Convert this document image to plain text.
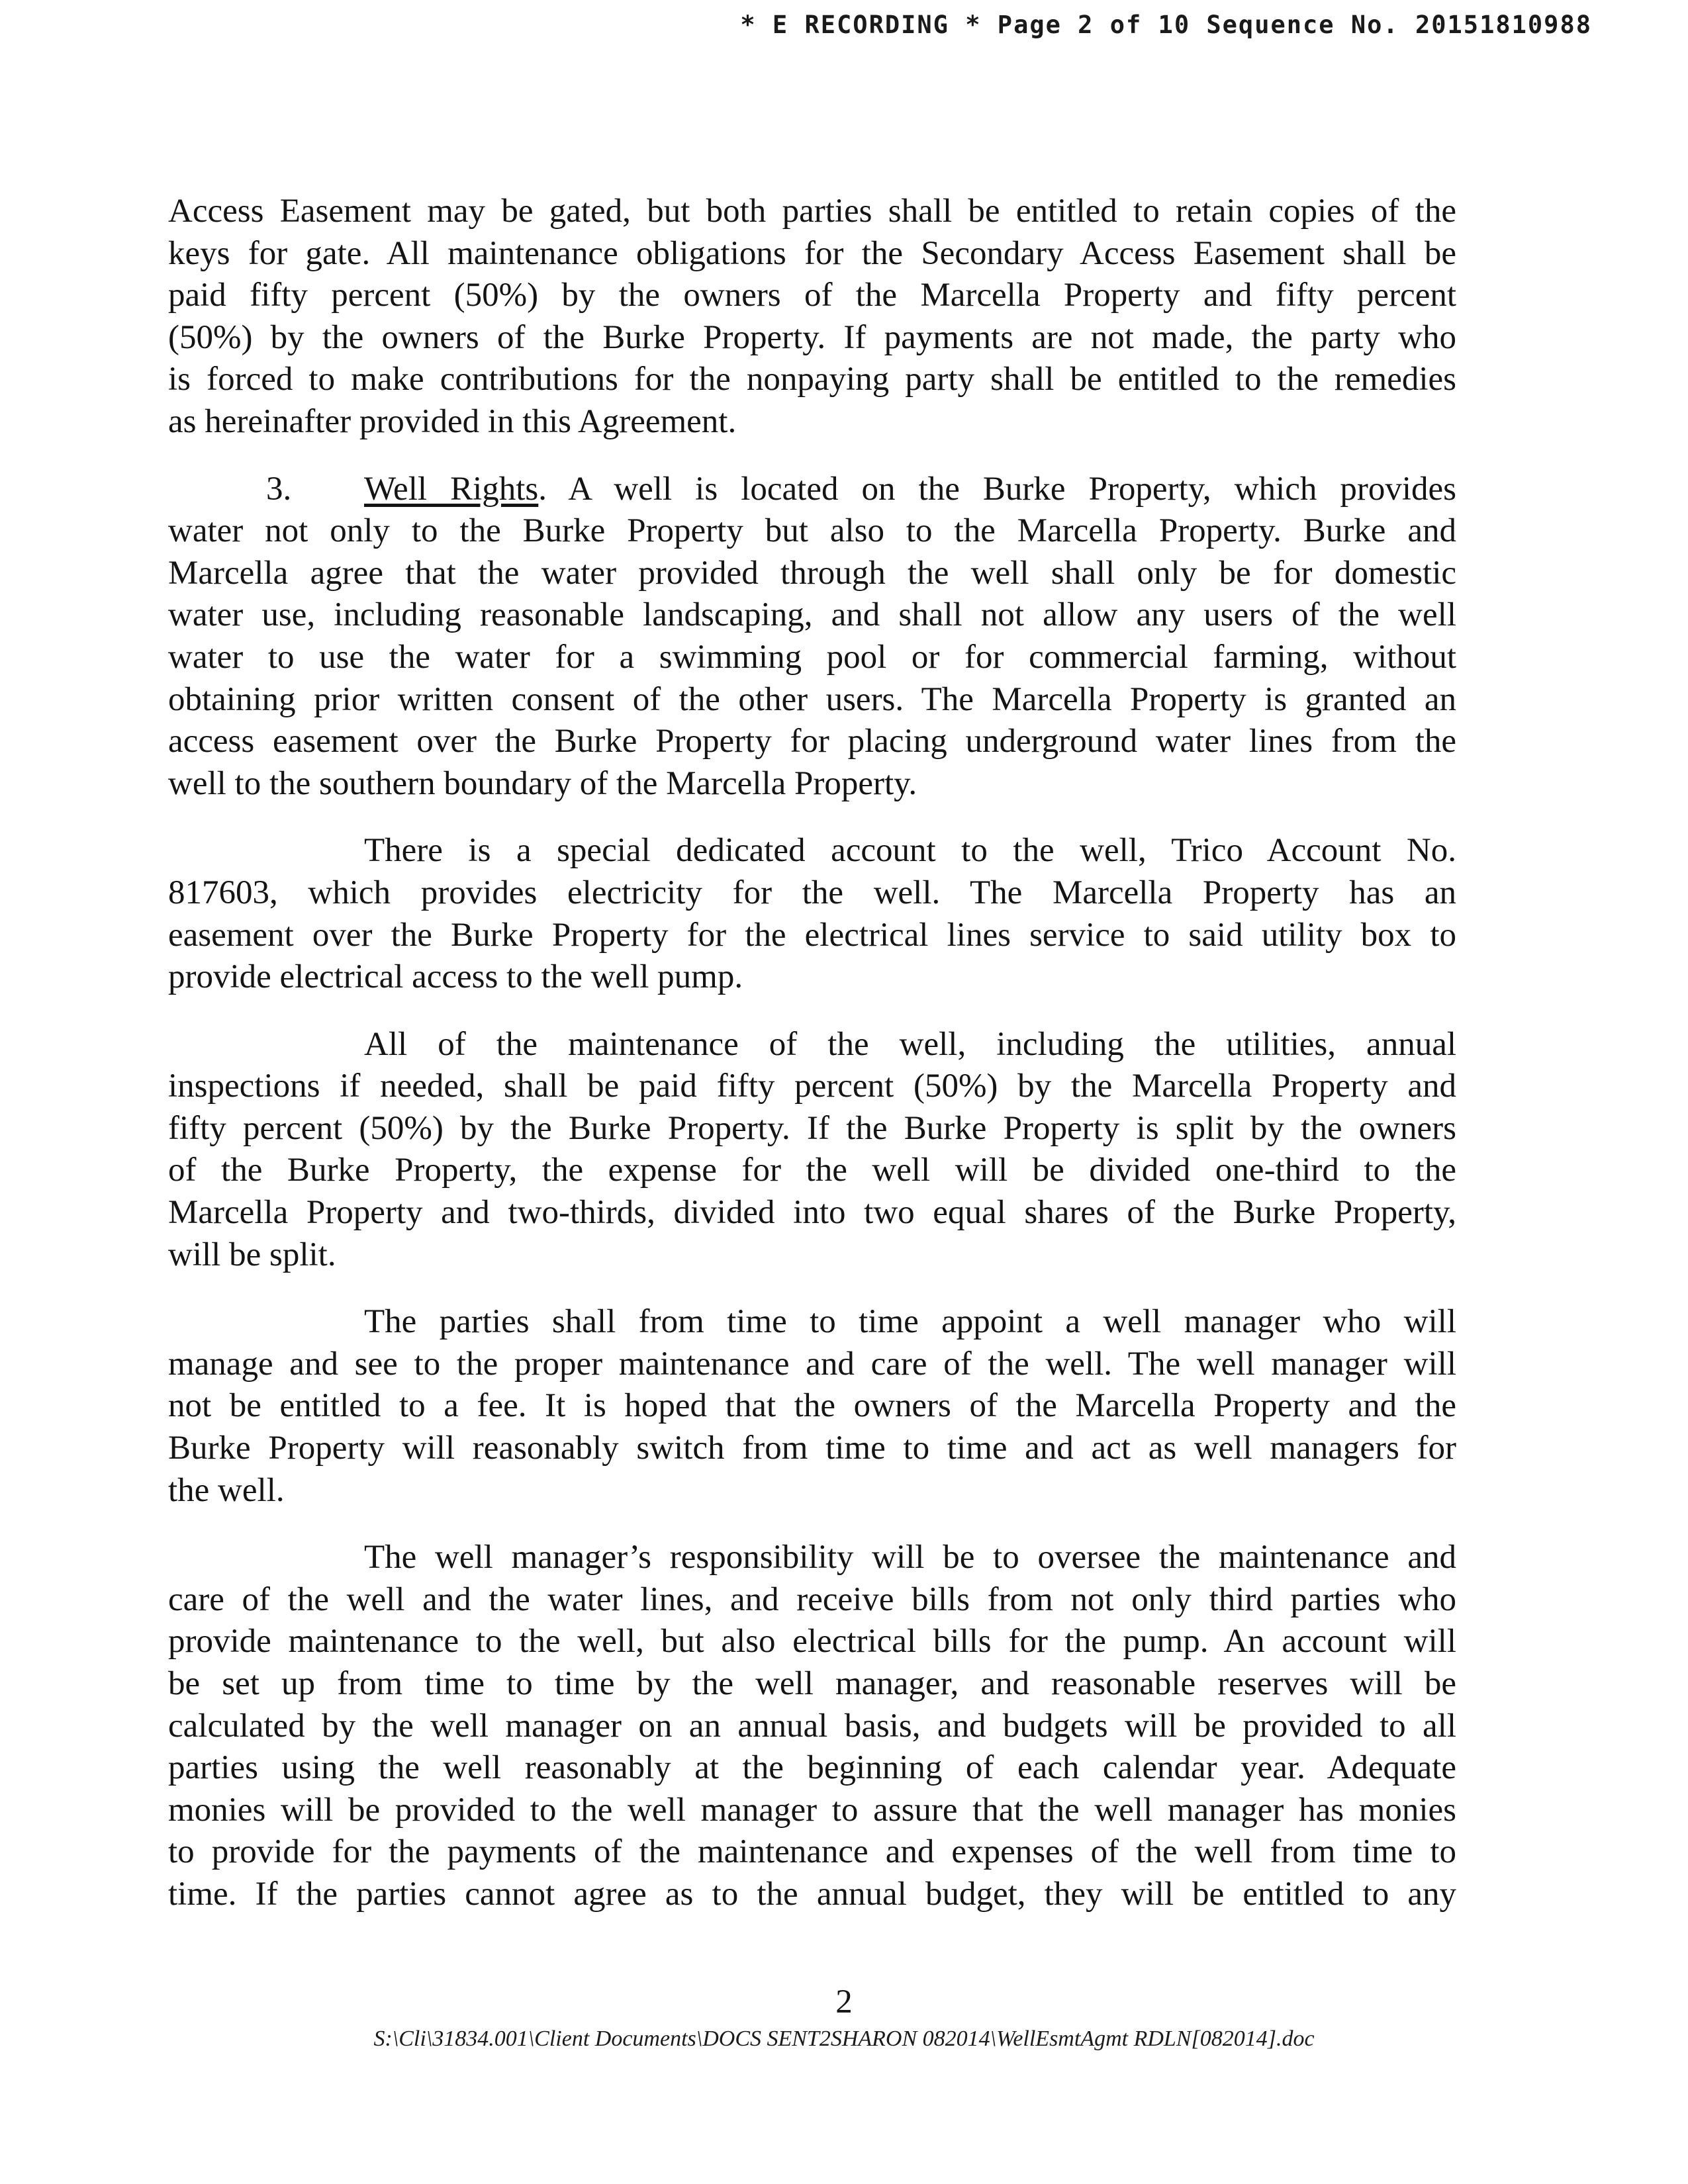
* E RECORDING * Page 2 of 10 Sequence No. 20151810988
Access Easement may be gated, but both parties shall be entitled to retain copies of the
keys for gate. All maintenance obligations for the Secondary Access Easement shall be
paid fifty percent (50%) by the owners of the Marcella Property and fifty percent
(50%) by the owners of the Burke Property. If payments are not made, the party who
is forced to make contributions for the nonpaying party shall be entitled to the remedies
as hereinafter provided in this Agreement.
3. Well Rights. A well is located on the Burke Property, which provides
water not only to the Burke Property but also to the Marcella Property. Burke and
Marcella agree that the water provided through the well shall only be for domestic
water use, including reasonable landscaping, and shall not allow any users of the well
water to use the water for a swimming pool or for commercial farming, without
obtaining prior written consent of the other users. The Marcella Property is granted an
access easement over the Burke Property for placing underground water lines from the
well to the southern boundary of the Marcella Property.
There is a special dedicated account to the well, Trico Account No.
817603, which provides electricity for the well. The Marcella Property has an
easement over the Burke Property for the electrical lines service to said utility box to
provide electrical access to the well pump.
All of the maintenance of the well, including the utilities, annual
inspections if needed, shall be paid fifty percent (50%) by the Marcella Property and
fifty percent (50%) by the Burke Property. If the Burke Property is split by the owners
of the Burke Property, the expense for the well will be divided one-third to the
Marcella Property and two-thirds, divided into two equal shares of the Burke Property,
will be split.
The parties shall from time to time appoint a well manager who will
manage and see to the proper maintenance and care of the well. The well manager will
not be entitled to a fee. It is hoped that the owners of the Marcella Property and the
Burke Property will reasonably switch from time to time and act as well managers for
the well.
The well manager’s responsibility will be to oversee the maintenance and
care of the well and the water lines, and receive bills from not only third parties who
provide maintenance to the well, but also electrical bills for the pump. An account will
be set up from time to time by the well manager, and reasonable reserves will be
calculated by the well manager on an annual basis, and budgets will be provided to all
parties using the well reasonably at the beginning of each calendar year. Adequate
monies will be provided to the well manager to assure that the well manager has monies
to provide for the payments of the maintenance and expenses of the well from time to
time. If the parties cannot agree as to the annual budget, they will be entitled to any
2
S:\Cli\31834.001\Client Documents\DOCS SENT2SHARON 082014\WellEsmtAgmt RDLN[082014].doc
